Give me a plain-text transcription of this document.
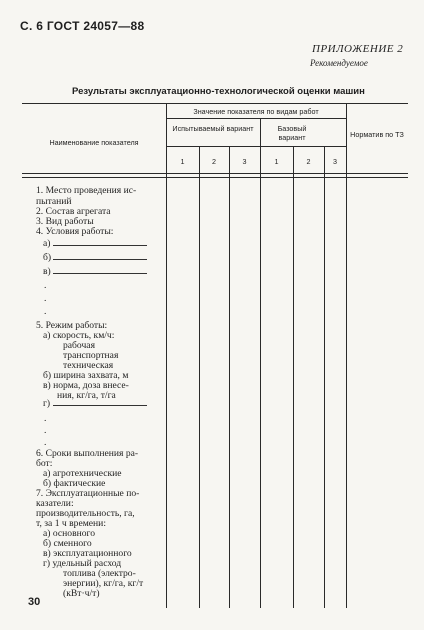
С. 6 ГОСТ 24057—88
ПРИЛОЖЕНИЕ 2
Рекомендуемое
Результаты эксплуатационно-технологической оценки машин
Наименование показателя
Значение показателя по видам работ
Испытываемый вариант	Базовый вариант	Норматив по ТЗ
1	2	3	1	2	3
1. Место проведения ис-
пытаний
2. Состав агрегата
3. Вид работы
4. Условия работы:
а)
б)
в)
.
.
.
5. Режим работы:
а) скорость, км/ч:
рабочая
транспортная
техническая
б) ширина захвата, м
в) норма, доза внесе-
ния, кг/га, т/га
г)
.
.
.
6. Сроки выполнения ра-
бот:
а) агротехнические
б) фактические
7. Эксплуатационные по-
казатели:
производительность, га,
т, за 1 ч времени:
а) основного
б) сменного
в) эксплуатационного
г) удельный расход
топлива (электро-
энергии), кг/га, кг/т
(кВт·ч/т)
30
